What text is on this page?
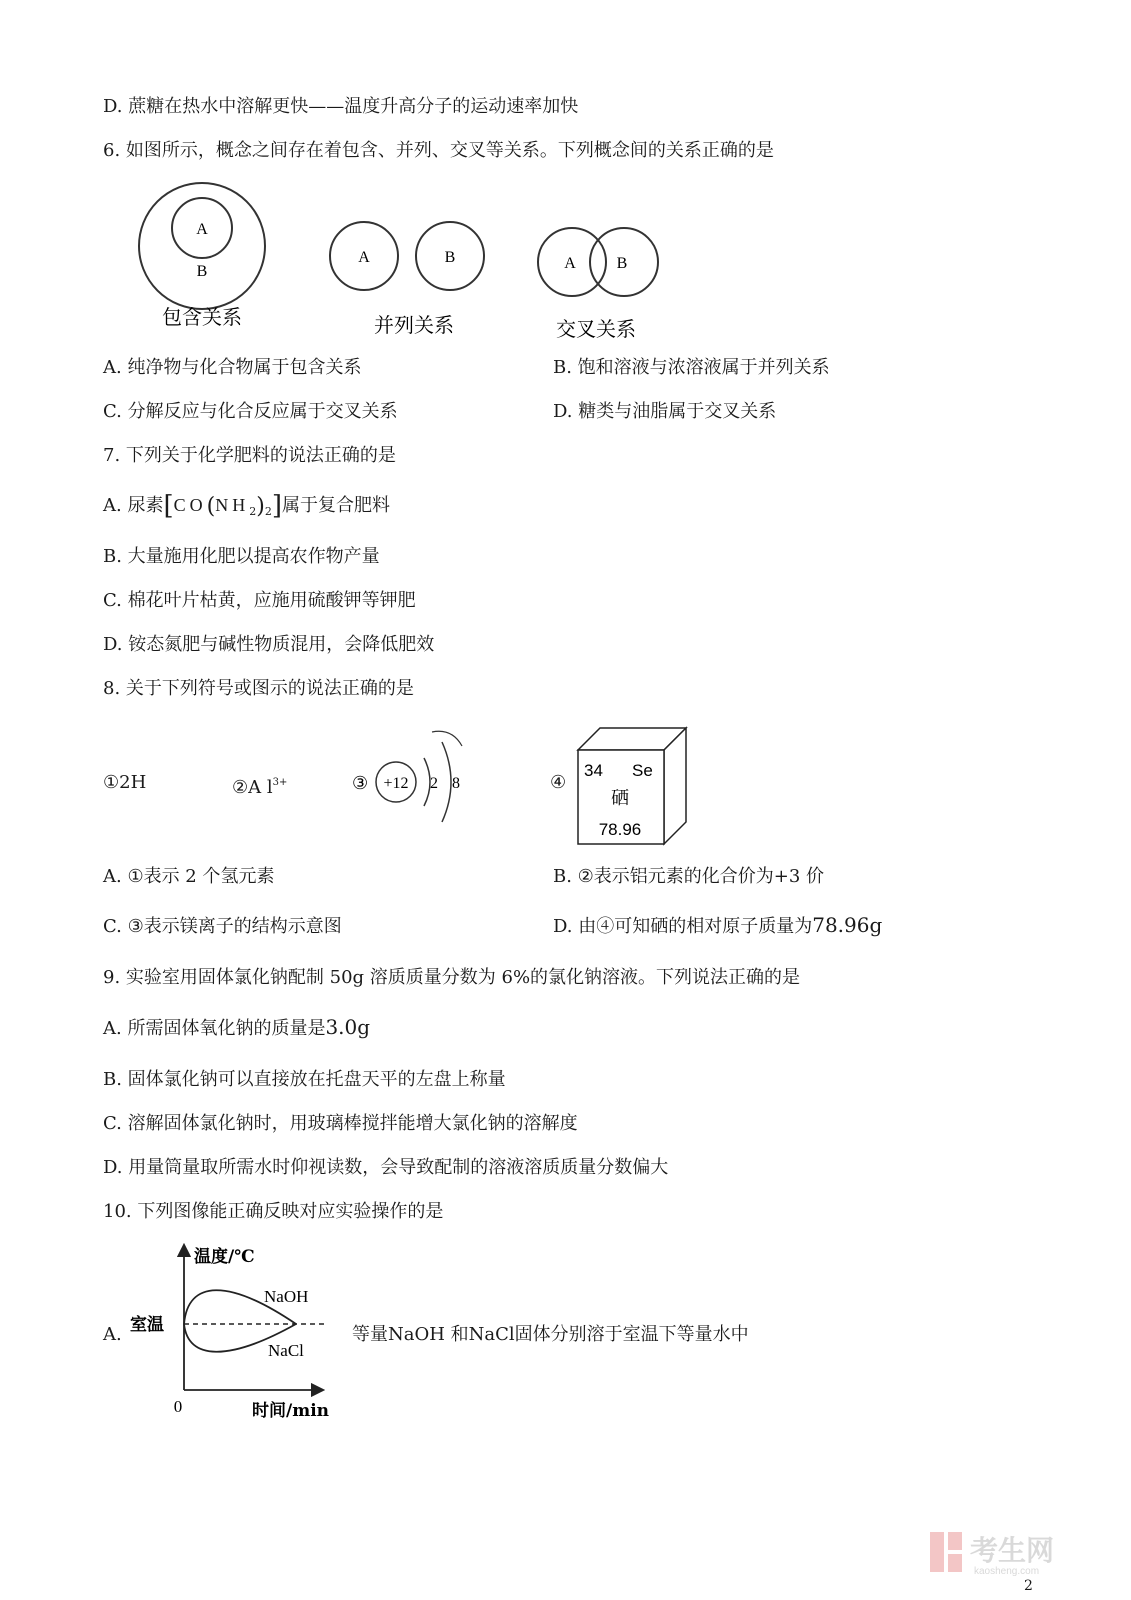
D. 蔗糖在热水中溶解更快——温度升高分子的运动速率加快
6. 如图所示，概念之间存在着包含、并列、交叉等关系。下列概念间的关系正确的是
A
B
包含关系
A	B
并列关系
A	B
交叉关系
A. 纯净物与化合物属于包含关系	B. 饱和溶液与浓溶液属于并列关系
C. 分解反应与化合反应属于交叉关系	D. 糖类与油脂属于交叉关系
7. 下列关于化学肥料的说法正确的是
A. 尿素$[CO(NH_2)_2]$属于复合肥料
B. 大量施用化肥以提高农作物产量
C. 棉花叶片枯黄，应施用硫酸钾等钾肥
D. 铵态氮肥与碱性物质混用，会降低肥效
8. 关于下列符号或图示的说法正确的是
①2H	②A $l^{3+}$	③ +12 2 8	④
34 Se
硒
78.96
A. ①表示 2 个氢元素	B. ②表示铝元素的化合价为+3 价
C. ③表示镁离子的结构示意图	D. 由④可知硒的相对原子质量为78.96g
9. 实验室用固体氯化钠配制 50g 溶质质量分数为 6%的氯化钠溶液。下列说法正确的是
A. 所需固体氧化钠的质量是3.0g
B. 固体氯化钠可以直接放在托盘天平的左盘上称量
C. 溶解固体氯化钠时，用玻璃棒搅拌能增大氯化钠的溶解度
D. 用量筒量取所需水时仰视读数，会导致配制的溶液溶质质量分数偏大
10. 下列图像能正确反映对应实验操作的是
A.
温度/℃
时间/min
0
室温
NaOH
NaCl
等量NaOH 和NaCl固体分别溶于室温下等量水中
考生网
kaosheng.com
2
